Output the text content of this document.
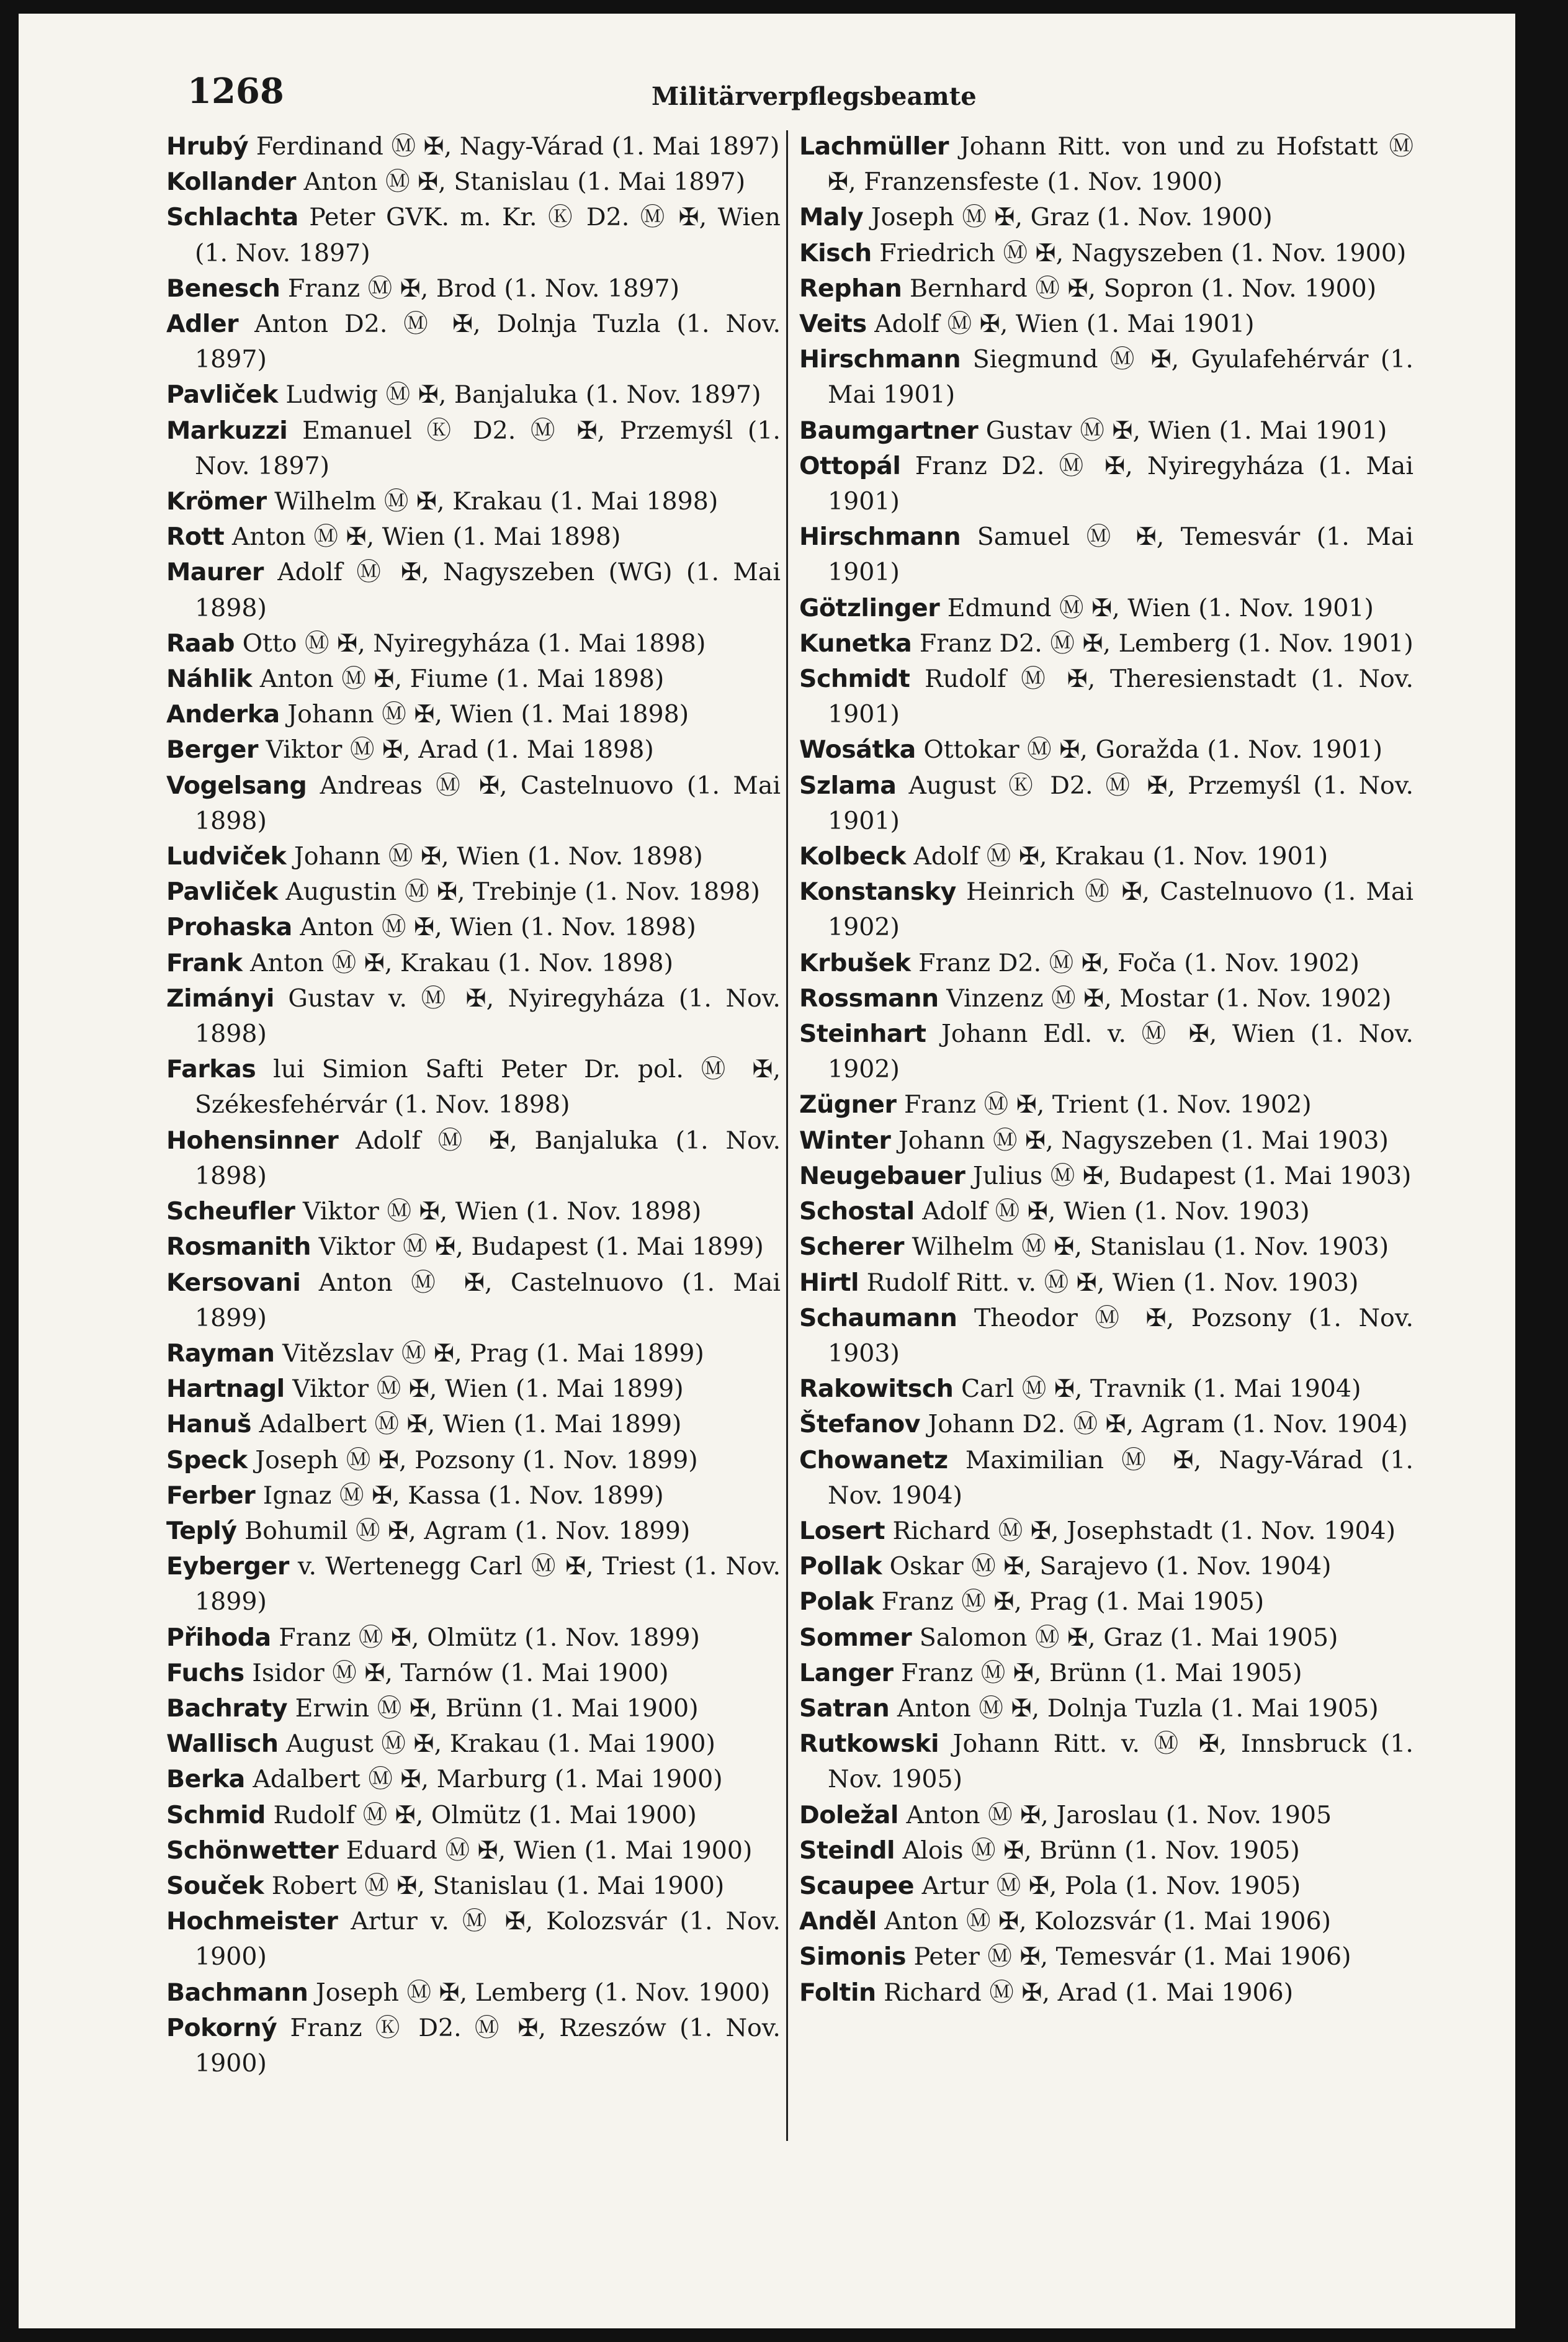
1268	Militärverpflegsbeamte

Hrubý Ferdinand Ⓜ ✠, Nagy-Várad (1. Mai 1897)

Kollander Anton Ⓜ ✠, Stanislau (1. Mai 1897)

Schlachta Peter GVK. m. Kr. Ⓚ D2. Ⓜ ✠, Wien (1. Nov. 1897)

Benesch Franz Ⓜ ✠, Brod (1. Nov. 1897)

Adler Anton D2. Ⓜ ✠, Dolnja Tuzla (1. Nov. 1897)

Pavliček Ludwig Ⓜ ✠, Banjaluka (1. Nov. 1897)

Markuzzi Emanuel Ⓚ D2. Ⓜ ✠, Przemyśl (1. Nov. 1897)

Krömer Wilhelm Ⓜ ✠, Krakau (1. Mai 1898)

Rott Anton Ⓜ ✠, Wien (1. Mai 1898)

Maurer Adolf Ⓜ ✠, Nagyszeben (WG) (1. Mai 1898)

Raab Otto Ⓜ ✠, Nyiregyháza (1. Mai 1898)

Náhlik Anton Ⓜ ✠, Fiume (1. Mai 1898)

Anderka Johann Ⓜ ✠, Wien (1. Mai 1898)

Berger Viktor Ⓜ ✠, Arad (1. Mai 1898)

Vogelsang Andreas Ⓜ ✠, Castelnuovo (1. Mai 1898)

Ludviček Johann Ⓜ ✠, Wien (1. Nov. 1898)

Pavliček Augustin Ⓜ ✠, Trebinje (1. Nov. 1898)

Prohaska Anton Ⓜ ✠, Wien (1. Nov. 1898)

Frank Anton Ⓜ ✠, Krakau (1. Nov. 1898)

Zimányi Gustav v. Ⓜ ✠, Nyiregyháza (1. Nov. 1898)

Farkas lui Simion Safti Peter Dr. pol. Ⓜ ✠, Székesfehérvár (1. Nov. 1898)

Hohensinner Adolf Ⓜ ✠, Banjaluka (1. Nov. 1898)

Scheufler Viktor Ⓜ ✠, Wien (1. Nov. 1898)

Rosmanith Viktor Ⓜ ✠, Budapest (1. Mai 1899)

Kersovani Anton Ⓜ ✠, Castelnuovo (1. Mai 1899)

Rayman Vitězslav Ⓜ ✠, Prag (1. Mai 1899)

Hartnagl Viktor Ⓜ ✠, Wien (1. Mai 1899)

Hanuš Adalbert Ⓜ ✠, Wien (1. Mai 1899)

Speck Joseph Ⓜ ✠, Pozsony (1. Nov. 1899)

Ferber Ignaz Ⓜ ✠, Kassa (1. Nov. 1899)

Teplý Bohumil Ⓜ ✠, Agram (1. Nov. 1899)

Eyberger v. Wertenegg Carl Ⓜ ✠, Triest (1. Nov. 1899)

Přihoda Franz Ⓜ ✠, Olmütz (1. Nov. 1899)

Fuchs Isidor Ⓜ ✠, Tarnów (1. Mai 1900)

Bachraty Erwin Ⓜ ✠, Brünn (1. Mai 1900)

Wallisch August Ⓜ ✠, Krakau (1. Mai 1900)

Berka Adalbert Ⓜ ✠, Marburg (1. Mai 1900)

Schmid Rudolf Ⓜ ✠, Olmütz (1. Mai 1900)

Schönwetter Eduard Ⓜ ✠, Wien (1. Mai 1900)

Souček Robert Ⓜ ✠, Stanislau (1. Mai 1900)

Hochmeister Artur v. Ⓜ ✠, Kolozsvár (1. Nov. 1900)

Bachmann Joseph Ⓜ ✠, Lemberg (1. Nov. 1900)

Pokorný Franz Ⓚ D2. Ⓜ ✠, Rzeszów (1. Nov. 1900)

Lachmüller Johann Ritt. von und zu Hofstatt Ⓜ ✠, Franzensfeste (1. Nov. 1900)

Maly Joseph Ⓜ ✠, Graz (1. Nov. 1900)

Kisch Friedrich Ⓜ ✠, Nagyszeben (1. Nov. 1900)

Rephan Bernhard Ⓜ ✠, Sopron (1. Nov. 1900)

Veits Adolf Ⓜ ✠, Wien (1. Mai 1901)

Hirschmann Siegmund Ⓜ ✠, Gyulafehérvár (1. Mai 1901)

Baumgartner Gustav Ⓜ ✠, Wien (1. Mai 1901)

Ottopál Franz D2. Ⓜ ✠, Nyiregyháza (1. Mai 1901)

Hirschmann Samuel Ⓜ ✠, Temesvár (1. Mai 1901)

Götzlinger Edmund Ⓜ ✠, Wien (1. Nov. 1901)

Kunetka Franz D2. Ⓜ ✠, Lemberg (1. Nov. 1901)

Schmidt Rudolf Ⓜ ✠, Theresienstadt (1. Nov. 1901)

Wosátka Ottokar Ⓜ ✠, Goražda (1. Nov. 1901)

Szlama August Ⓚ D2. Ⓜ ✠, Przemyśl (1. Nov. 1901)

Kolbeck Adolf Ⓜ ✠, Krakau (1. Nov. 1901)

Konstansky Heinrich Ⓜ ✠, Castelnuovo (1. Mai 1902)

Krbušek Franz D2. Ⓜ ✠, Foča (1. Nov. 1902)

Rossmann Vinzenz Ⓜ ✠, Mostar (1. Nov. 1902)

Steinhart Johann Edl. v. Ⓜ ✠, Wien (1. Nov. 1902)

Zügner Franz Ⓜ ✠, Trient (1. Nov. 1902)

Winter Johann Ⓜ ✠, Nagyszeben (1. Mai 1903)

Neugebauer Julius Ⓜ ✠, Budapest (1. Mai 1903)

Schostal Adolf Ⓜ ✠, Wien (1. Nov. 1903)

Scherer Wilhelm Ⓜ ✠, Stanislau (1. Nov. 1903)

Hirtl Rudolf Ritt. v. Ⓜ ✠, Wien (1. Nov. 1903)

Schaumann Theodor Ⓜ ✠, Pozsony (1. Nov. 1903)

Rakowitsch Carl Ⓜ ✠, Travnik (1. Mai 1904)

Štefanov Johann D2. Ⓜ ✠, Agram (1. Nov. 1904)

Chowanetz Maximilian Ⓜ ✠, Nagy-Várad (1. Nov. 1904)

Losert Richard Ⓜ ✠, Josephstadt (1. Nov. 1904)

Pollak Oskar Ⓜ ✠, Sarajevo (1. Nov. 1904)

Polak Franz Ⓜ ✠, Prag (1. Mai 1905)

Sommer Salomon Ⓜ ✠, Graz (1. Mai 1905)

Langer Franz Ⓜ ✠, Brünn (1. Mai 1905)

Satran Anton Ⓜ ✠, Dolnja Tuzla (1. Mai 1905)

Rutkowski Johann Ritt. v. Ⓜ ✠, Innsbruck (1. Nov. 1905)

Doležal Anton Ⓜ ✠, Jaroslau (1. Nov. 1905

Steindl Alois Ⓜ ✠, Brünn (1. Nov. 1905)

Scaupee Artur Ⓜ ✠, Pola (1. Nov. 1905)

Anděl Anton Ⓜ ✠, Kolozsvár (1. Mai 1906)

Simonis Peter Ⓜ ✠, Temesvár (1. Mai 1906)

Foltin Richard Ⓜ ✠, Arad (1. Mai 1906)
